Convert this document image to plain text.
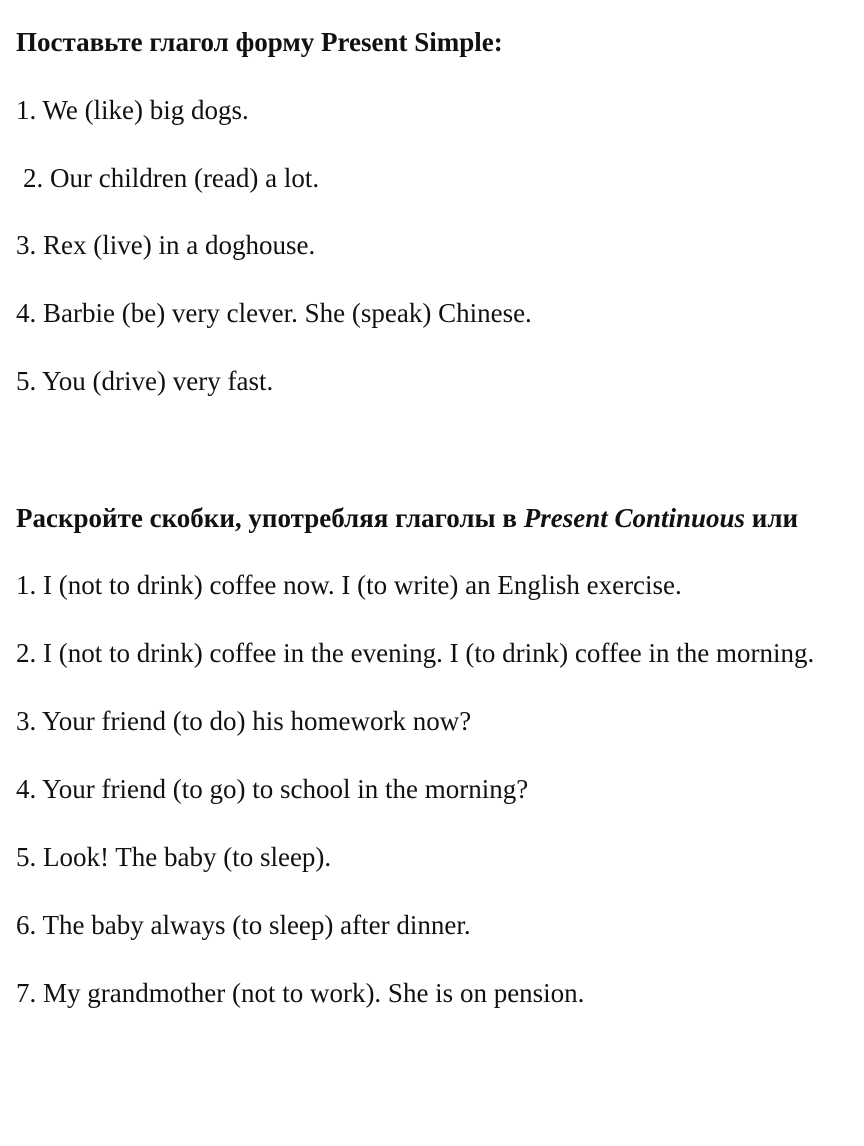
Поставьте глагол форму Present Simple:
1. We (like) big dogs.
2. Our children (read) a lot.
3. Rex (live) in a doghouse.
4. Barbie (be) very clever. She (speak) Chinese.
5. You (drive) very fast.
Раскройте скобки, употребляя глаголы в Present Continuous или
1. I (not to drink) coffee now. I (to write) an English exercise.
2. I (not to drink) coffee in the evening. I (to drink) coffee in the morning.
3. Your friend (to do) his homework now?
4. Your friend (to go) to school in the morning?
5. Look! The baby (to sleep).
6. The baby always (to sleep) after dinner.
7. My grandmother (not to work). She is on pension.
